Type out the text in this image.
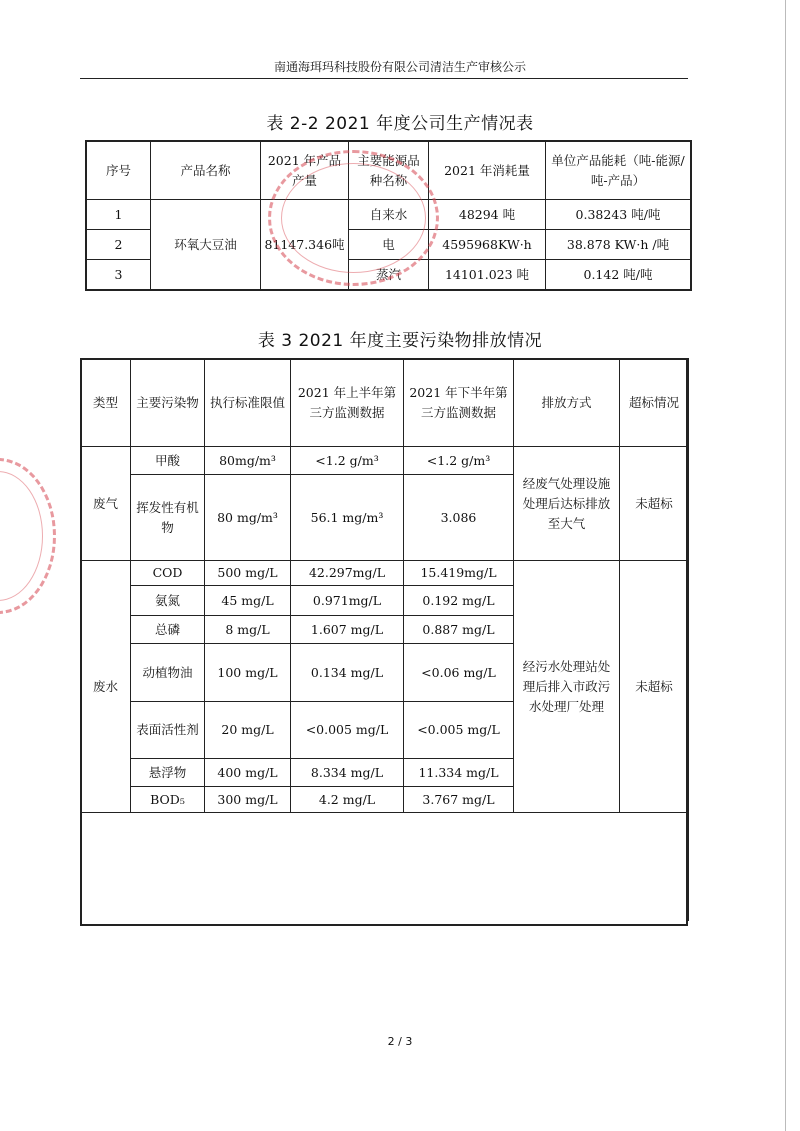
南通海珥玛科技股份有限公司清洁生产审核公示
表 2-2 2021 年度公司生产情况表
序号	产品名称	2021 年产品产量	主要能源品种名称	2021 年消耗量	单位产品能耗（吨-能源/吨-产品）
1	环氧大豆油	81147.346吨	自来水	48294 吨	0.38243 吨/吨
2			电	4595968KW·h	38.878 KW·h /吨
3			蒸汽	14101.023 吨	0.142 吨/吨
表 3 2021 年度主要污染物排放情况
类型	主要污染物	执行标准限值	2021 年上半年第三方监测数据	2021 年下半年第三方监测数据	排放方式	超标情况
废气	甲酸	80mg/m³	<1.2 g/m³	<1.2 g/m³	经废气处理设施处理后达标排放至大气	未超标
	挥发性有机物	80 mg/m³	56.1 mg/m³	3.086		
废水	COD	500 mg/L	42.297mg/L	15.419mg/L	经污水处理站处理后排入市政污水处理厂处理	未超标
	氨氮	45 mg/L	0.971mg/L	0.192 mg/L		
	总磷	8 mg/L	1.607 mg/L	0.887 mg/L		
	动植物油	100 mg/L	0.134 mg/L	<0.06 mg/L		
	表面活性剂	20 mg/L	<0.005 mg/L	<0.005 mg/L		
	悬浮物	400 mg/L	8.334 mg/L	11.334 mg/L		
	BOD₅	300 mg/L	4.2 mg/L	3.767 mg/L		

2 / 3
